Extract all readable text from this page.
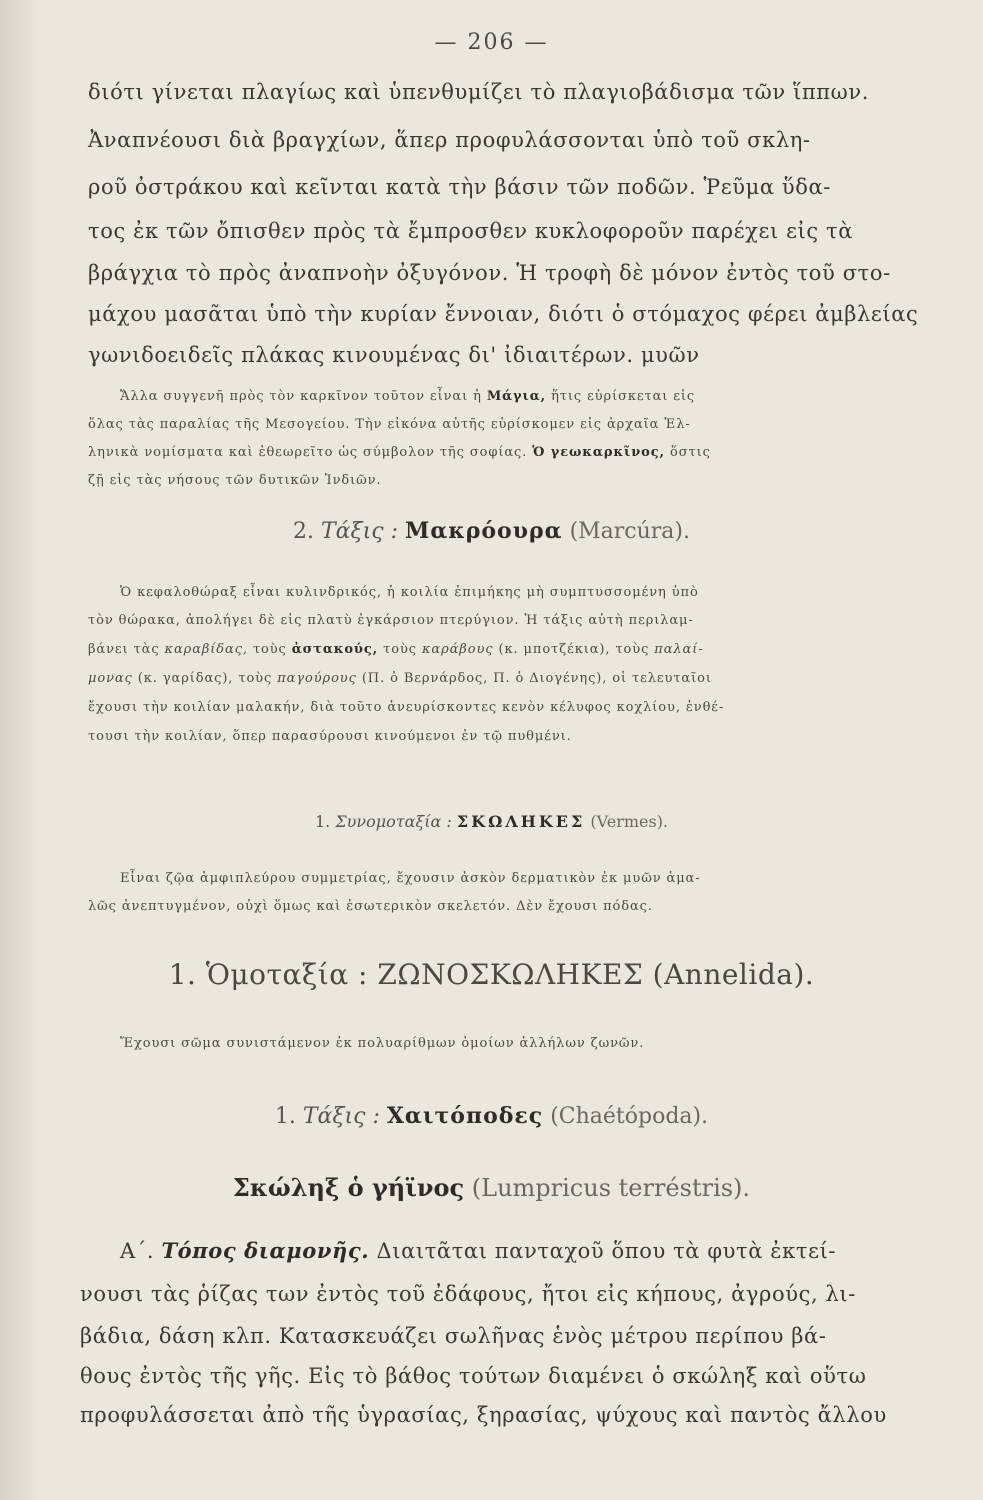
— 206 —

διότι γίνεται πλαγίως καὶ ὑπενθυμίζει τὸ πλαγιοβάδισμα τῶν ἵππων.

Ἀναπνέουσι διὰ βραγχίων, ἅπερ προφυλάσσονται ὑπὸ τοῦ σκλη-

ροῦ ὀστράκου καὶ κεῖνται κατὰ τὴν βάσιν τῶν ποδῶν. Ῥεῦμα ὕδα-

τος ἐκ τῶν ὄπισθεν πρὸς τὰ ἔμπροσθεν κυκλοφοροῦν παρέχει εἰς τὰ

βράγχια τὸ πρὸς ἀναπνοὴν ὀξυγόνον. Ἡ τροφὴ δὲ μόνον ἐντὸς τοῦ στο-

μάχου μασᾶται ὑπὸ τὴν κυρίαν ἔννοιαν, διότι ὁ στόμαχος φέρει ἀμβλείας

γωνιδοειδεῖς πλάκας κινουμένας δι' ἰδιαιτέρων. μυῶν

Ἄλλα συγγενῆ πρὸς τὸν καρκῖνον τοῦτον εἶναι ἡ Μάγια, ἥτις εὑρίσκεται εἰς

ὅλας τὰς παραλίας τῆς Μεσογείου. Τὴν εἰκόνα αὐτῆς εὑρίσκομεν εἰς ἀρχαῖα Ἑλ-

ληνικὰ νομίσματα καὶ ἐθεωρεῖτο ὡς σύμβολον τῆς σοφίας. Ὁ γεωκαρκῖνος, ὅστις

ζῇ εἰς τὰς νήσους τῶν δυτικῶν Ἰνδιῶν.

2. Τάξις : Μακρόουρα (Marcúra).

Ὁ κεφαλοθώραξ εἶναι κυλινδρικός, ἡ κοιλία ἐπιμήκης μὴ συμπτυσσομένη ὑπὸ

τὸν θώρακα, ἀπολήγει δὲ εἰς πλατὺ ἐγκάρσιον πτερύγιον. Ἡ τάξις αὐτὴ περιλαμ-

βάνει τὰς καραβίδας, τοὺς ἀστακούς, τοὺς καράβους (κ. μποτζέκια), τοὺς παλαί-

μονας (κ. γαρίδας), τοὺς παγούρους (Π. ὁ Βερνάρδος, Π. ὁ Διογένης), οἱ τελευταῖοι

ἔχουσι τὴν κοιλίαν μαλακήν, διὰ τοῦτο ἀνευρίσκοντες κενὸν κέλυφος κοχλίου, ἐνθέ-

τουσι τὴν κοιλίαν, ὅπερ παρασύρουσι κινούμενοι ἐν τῷ πυθμένι.

1. Συνομοταξία : ΣΚΩΛΗΚΕΣ (Vermes).

Εἶναι ζῷα ἀμφιπλεύρου συμμετρίας, ἔχουσιν ἀσκὸν δερματικὸν ἐκ μυῶν ἁμα-

λῶς ἀνεπτυγμένον, οὐχὶ ὅμως καὶ ἐσωτερικὸν σκελετόν. Δὲν ἔχουσι πόδας.

1. Ὁμοταξία : ΖΩΝΟΣΚΩΛΗΚΕΣ (Annelida).

Ἔχουσι σῶμα συνιστάμενον ἐκ πολυαρίθμων ὁμοίων ἀλλήλων ζωνῶν.

1. Τάξις : Χαιτόποδες (Chaétópoda).
Σκώληξ ὁ γήϊνος (Lumpricus terréstris).

Α΄. Τόπος διαμονῆς. Διαιτᾶται πανταχοῦ ὅπου τὰ φυτὰ ἐκτεί-

νουσι τὰς ῥίζας των ἐντὸς τοῦ ἐδάφους, ἤτοι εἰς κήπους, ἀγρούς, λι-

βάδια, δάση κλπ. Κατασκευάζει σωλῆνας ἑνὸς μέτρου περίπου βά-

θους ἐντὸς τῆς γῆς. Εἰς τὸ βάθος τούτων διαμένει ὁ σκώληξ καὶ οὕτω

προφυλάσσεται ἀπὸ τῆς ὑγρασίας, ξηρασίας, ψύχους καὶ παντὸς ἄλλου
